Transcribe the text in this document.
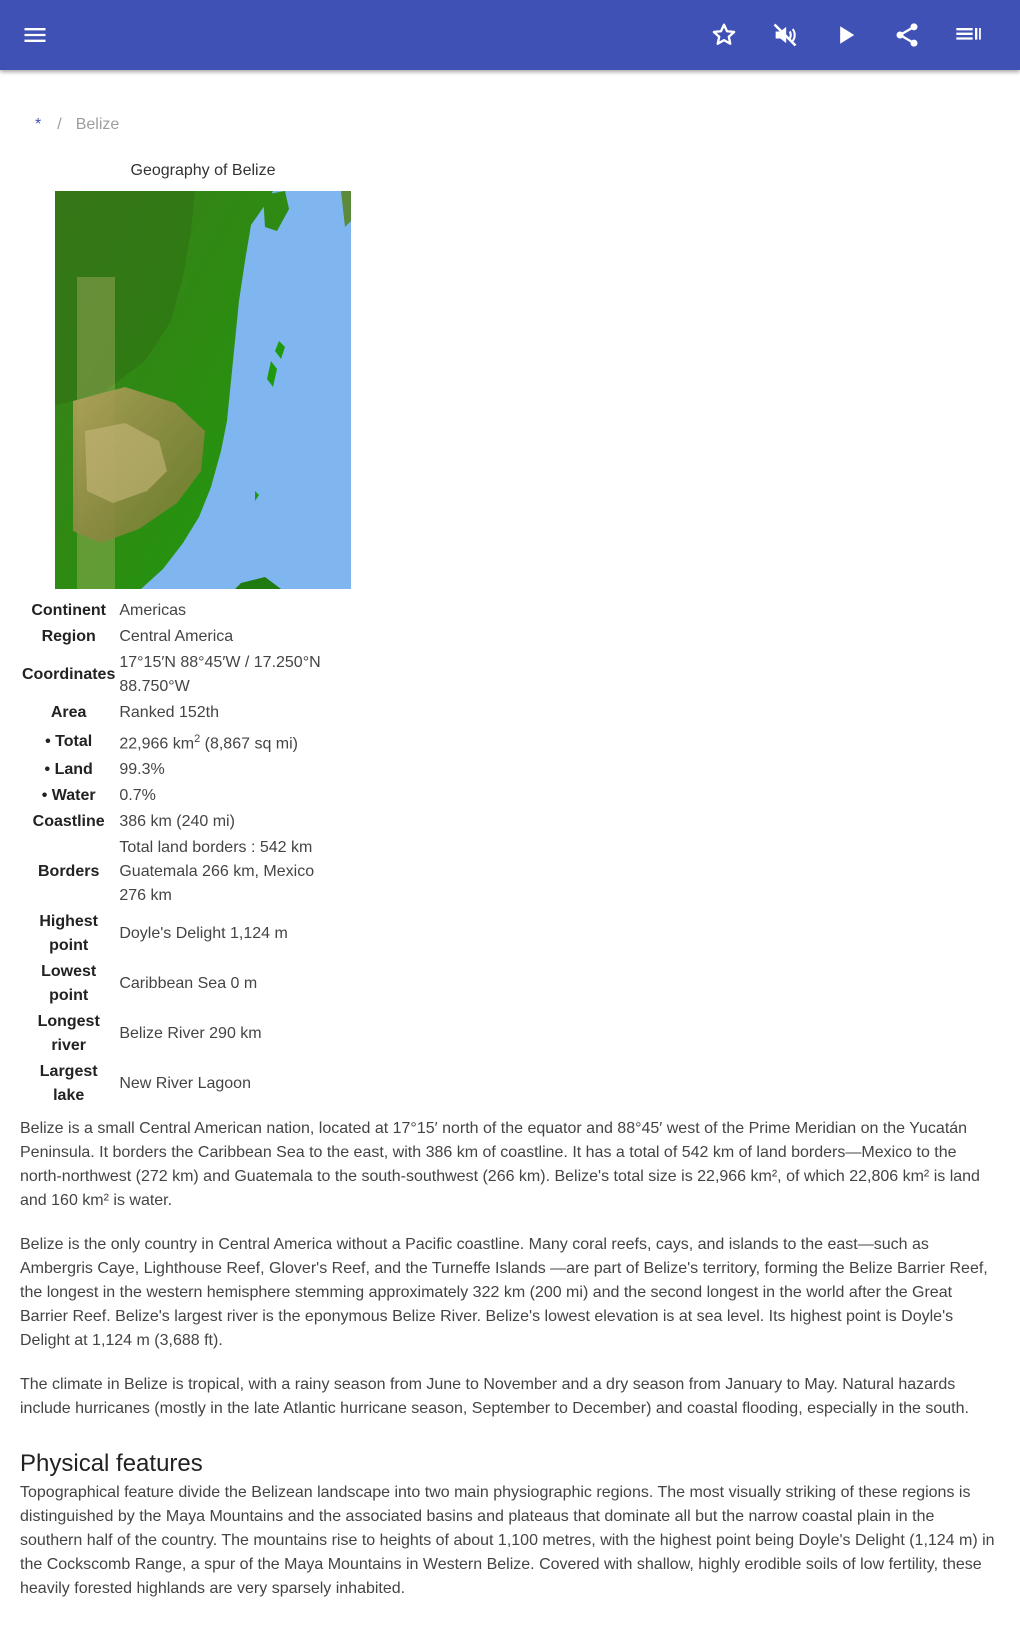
* / Belize
Geography of Belize
Continent	Americas
Region	Central America
Coordinates	17°15′N 88°45′W / 17.250°N 88.750°W
Area	Ranked 152th
• Total	22,966 $km^2$ (8,867 sq mi)
• Land	99.3%
• Water	0.7%
Coastline	386 km (240 mi)
Borders	Total land borders : 542 km Guatemala 266 km, Mexico 276 km
Highest point	Doyle's Delight 1,124 m
Lowest point	Caribbean Sea 0 m
Longest river	Belize River 290 km
Largest lake	New River Lagoon

Belize is a small Central American nation, located at 17°15′ north of the equator and 88°45′ west of the Prime Meridian on the Yucatán Peninsula. It borders the Caribbean Sea to the east, with 386 km of coastline. It has a total of 542 km of land borders—Mexico to the north-northwest (272 km) and Guatemala to the south-southwest (266 km). Belize's total size is 22,966 km², of which 22,806 km² is land and 160 km² is water.

Belize is the only country in Central America without a Pacific coastline. Many coral reefs, cays, and islands to the east—such as Ambergris Caye, Lighthouse Reef, Glover's Reef, and the Turneffe Islands —are part of Belize's territory, forming the Belize Barrier Reef, the longest in the western hemisphere stemming approximately 322 km (200 mi) and the second longest in the world after the Great Barrier Reef. Belize's largest river is the eponymous Belize River. Belize's lowest elevation is at sea level. Its highest point is Doyle's Delight at 1,124 m (3,688 ft).

The climate in Belize is tropical, with a rainy season from June to November and a dry season from January to May. Natural hazards include hurricanes (mostly in the late Atlantic hurricane season, September to December) and coastal flooding, especially in the south.

Physical features

Topographical feature divide the Belizean landscape into two main physiographic regions. The most visually striking of these regions is distinguished by the Maya Mountains and the associated basins and plateaus that dominate all but the narrow coastal plain in the southern half of the country. The mountains rise to heights of about 1,100 metres, with the highest point being Doyle's Delight (1,124 m) in the Cockscomb Range, a spur of the Maya Mountains in Western Belize. Covered with shallow, highly erodible soils of low fertility, these heavily forested highlands are very sparsely inhabited.
